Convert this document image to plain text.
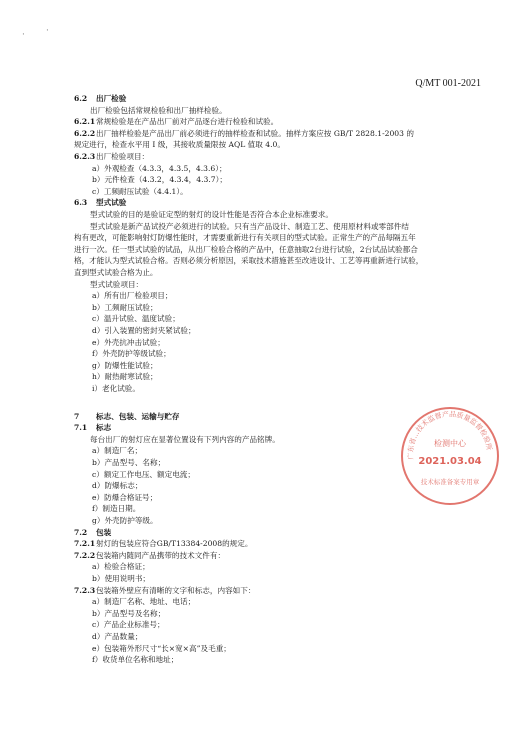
· ·
Q/MT 001-2021
6.2 出厂检验
出厂检验包括常规检验和出厂抽样检验。
6.2.1常规检验是在产品出厂前对产品逐台进行检验和试验。
6.2.2出厂抽样检验是产品出厂前必须进行的抽样检查和试验。抽样方案应按 GB/T 2828.1-2003 的
规定进行，检查水平用 I 级，其接收质量限按 AQL 值取 4.0。
6.2.3出厂检验项目：
a）外观检查（4.3.3，4.3.5，4.3.6）；
b）元件检查（4.3.2，4.3.4，4.3.7）；
c）工频耐压试验（4.4.1）。
6.3 型式试验
型式试验的目的是验证定型的射灯的设计性能是否符合本企业标准要求。
型式试验是新产品试投产必须进行的试验。只有当产品设计、制造工艺、使用原材料或零部件结
构有更改，可能影响射灯防爆性能时，才需要重新进行有关项目的型式试验。正常生产的产品每隔五年
进行一次。任一型式试验的试品，从出厂检验合格的产品中，任意抽取2台进行试验，2台试品试验都合
格，才能认为型式试验合格。否则必须分析原因，采取技术措施甚至改进设计、工艺等再重新进行试验，
直到型式试验合格为止。
型式试验项目：
a）所有出厂检验项目；
b）工频耐压试验；
c）温升试验、温度试验；
d）引入装置的密封夹紧试验；
e）外壳抗冲击试验；
f）外壳防护等级试验；
g）防爆性能试验；
h）耐热耐寒试验；
i）老化试验。
7 标志、包装、运输与贮存
7.1 标志
每台出厂的射灯应在显著位置设有下列内容的产品铭牌。
a）制造厂名；
b）产品型号、名称；
c）额定工作电压、额定电流；
d）防爆标志；
e）防爆合格证号；
f）制造日期。
g）外壳防护等级。
7.2 包装
7.2.1射灯的包装应符合GB/T13384-2008的规定。
7.2.2包装箱内随同产品携带的技术文件有：
a）检验合格证；
b）使用说明书；
7.2.3包装箱外壁应有清晰的文字和标志，内容如下：
a）制造厂名称、地址、电话；
b）产品型号及名称；
c）产品企业标准号；
d）产品数量；
e）包装箱外形尺寸“长×宽×高”及毛重；
f）收货单位名称和地址；
广东省…技术监督产品质量监督检验所
检测中心
2021.03.04
技术标准备案专用章
